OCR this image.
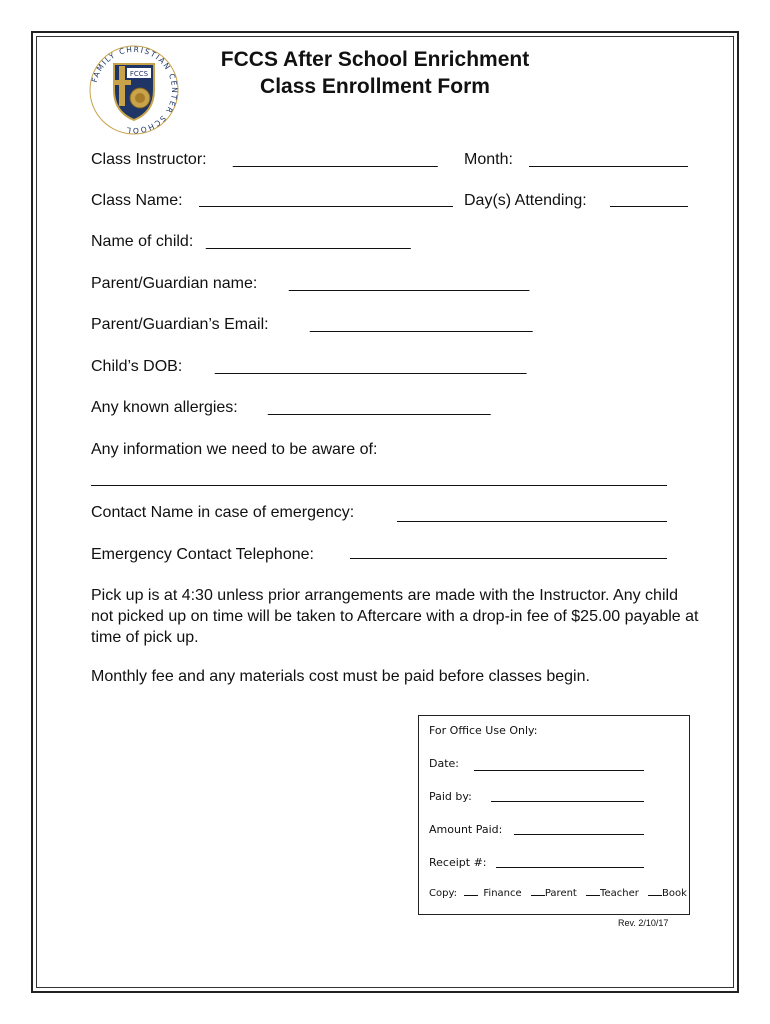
FAMILY CHRISTIAN CENTER SCHOOL
FCCS
FCCS After School Enrichment
Class Enrollment Form
Class Instructor: _______________________ Month:
Class Name:	Day(s) Attending:
Name of child: _______________________
Parent/Guardian name: ___________________________
Parent/Guardian’s Email:	_________________________
Child’s DOB: ___________________________________
Any known allergies: _________________________
Any information we need to be aware of:
Contact Name in case of emergency:
Emergency Contact Telephone:
Pick up is at 4:30 unless prior arrangements are made with the Instructor. Any child not picked up on time will be taken to Aftercare with a drop-in fee of $25.00 payable at time of pick up.
Monthly fee and any materials cost must be paid before classes begin.
For Office Use Only:
Date:
Paid by:
Amount Paid:
Receipt #:
Copy:	Finance Parent Teacher Book
Rev. 2/10/17
